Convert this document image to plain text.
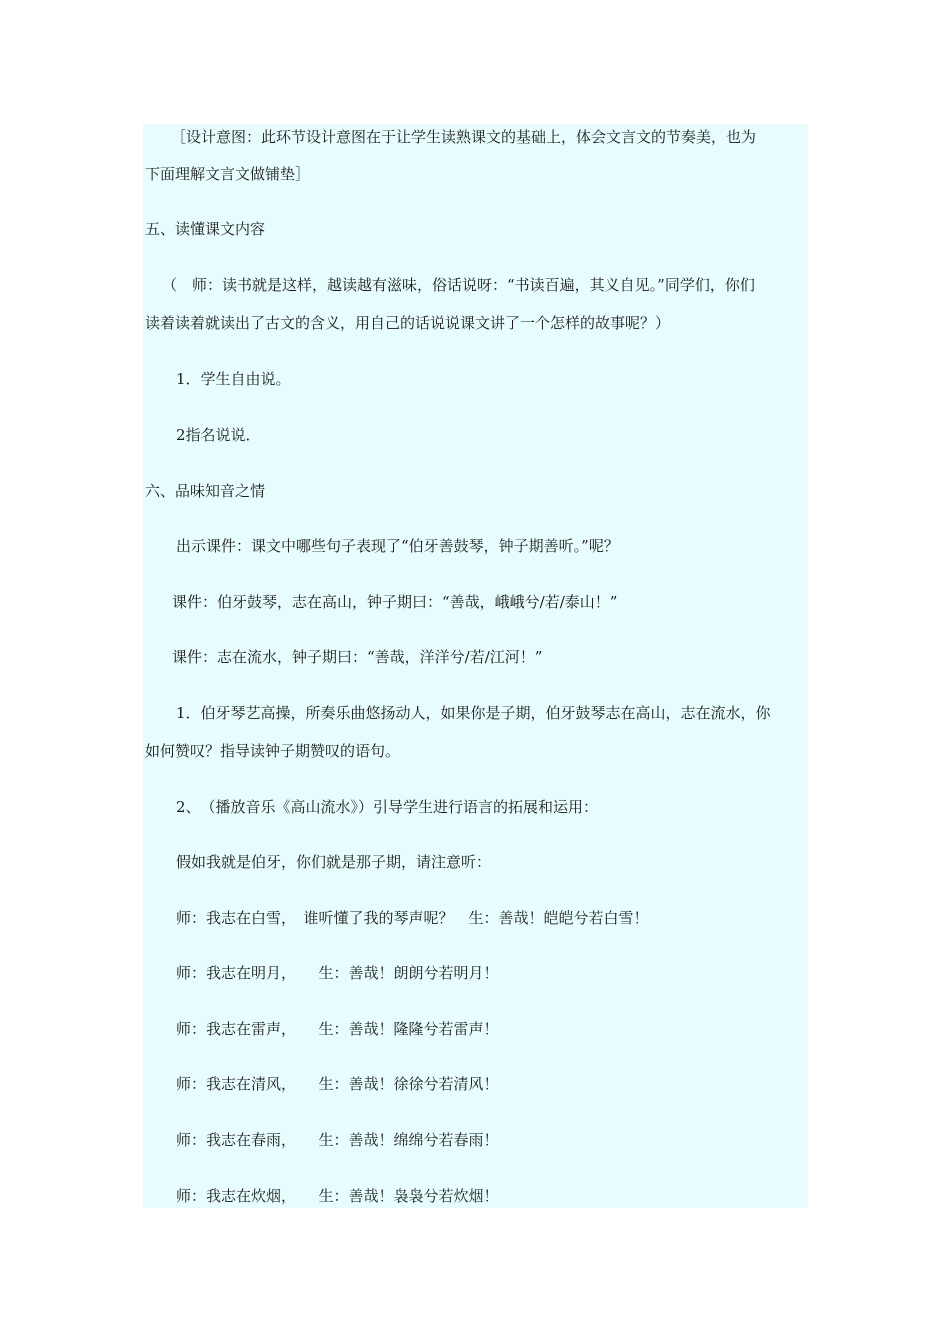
［设计意图：此环节设计意图在于让学生读熟课文的基础上，体会文言文的节奏美，也为

下面理解文言文做铺垫］

五、读懂课文内容

（　师：读书就是这样，越读越有滋味，俗话说呀：“书读百遍，其义自见。”同学们，你们

读着读着就读出了古文的含义，用自己的话说说课文讲了一个怎样的故事呢？）

1．学生自由说。

2指名说说．

六、品味知音之情

出示课件：课文中哪些句子表现了“伯牙善鼓琴，钟子期善听。”呢？

课件：伯牙鼓琴，志在高山，钟子期曰：“善哉，峨峨兮/若/泰山！”

课件：志在流水，钟子期曰：“善哉，洋洋兮/若/江河！”

1．伯牙琴艺高操，所奏乐曲悠扬动人，如果你是子期，伯牙鼓琴志在高山，志在流水，你

如何赞叹？指导读钟子期赞叹的语句。

2、　（播放音乐《高山流水》）引导学生进行语言的拓展和运用：

假如我就是伯牙，你们就是那子期，请注意听：

师：我志在白雪，　谁听懂了我的琴声呢？　生：善哉！皑皑兮若白雪！

师：我志在明月，　　生：善哉！朗朗兮若明月！

师：我志在雷声，　　生：善哉！隆隆兮若雷声！

师：我志在清风，　　生：善哉！徐徐兮若清风！

师：我志在春雨，　　生：善哉！绵绵兮若春雨！

师：我志在炊烟，　　生：善哉！袅袅兮若炊烟！
